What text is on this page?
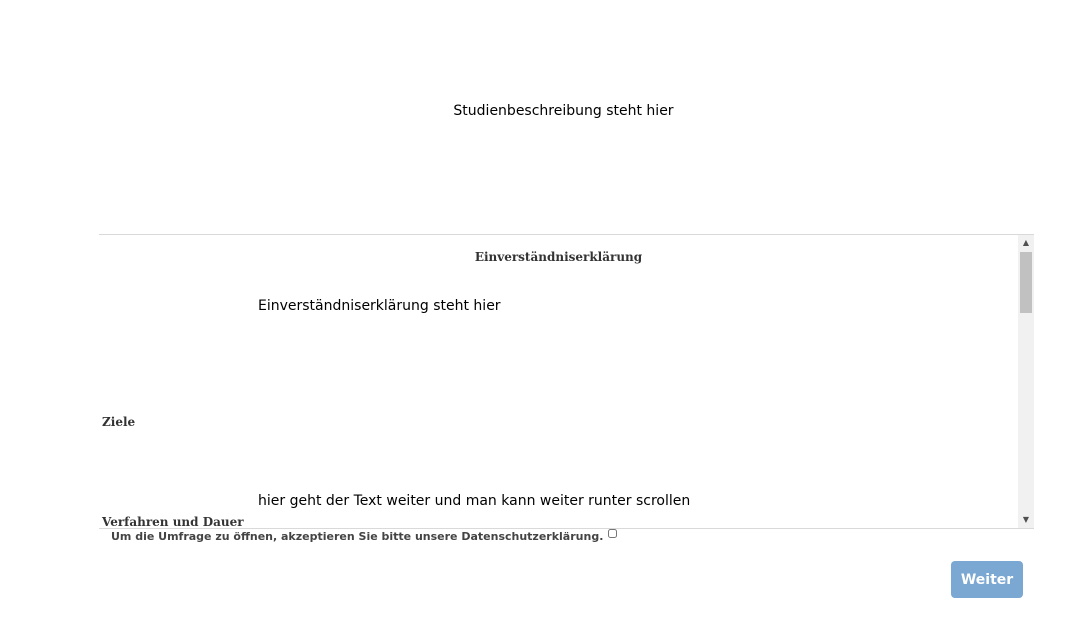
Studienbeschreibung steht hier
Einverständniserklärung
Einverständniserklärung steht hier
Ziele
hier geht der Text weiter und man kann weiter runter scrollen
Verfahren und Dauer
▲
▼
Um die Umfrage zu öffnen, akzeptieren Sie bitte unsere Datenschutzerklärung.
Weiter
